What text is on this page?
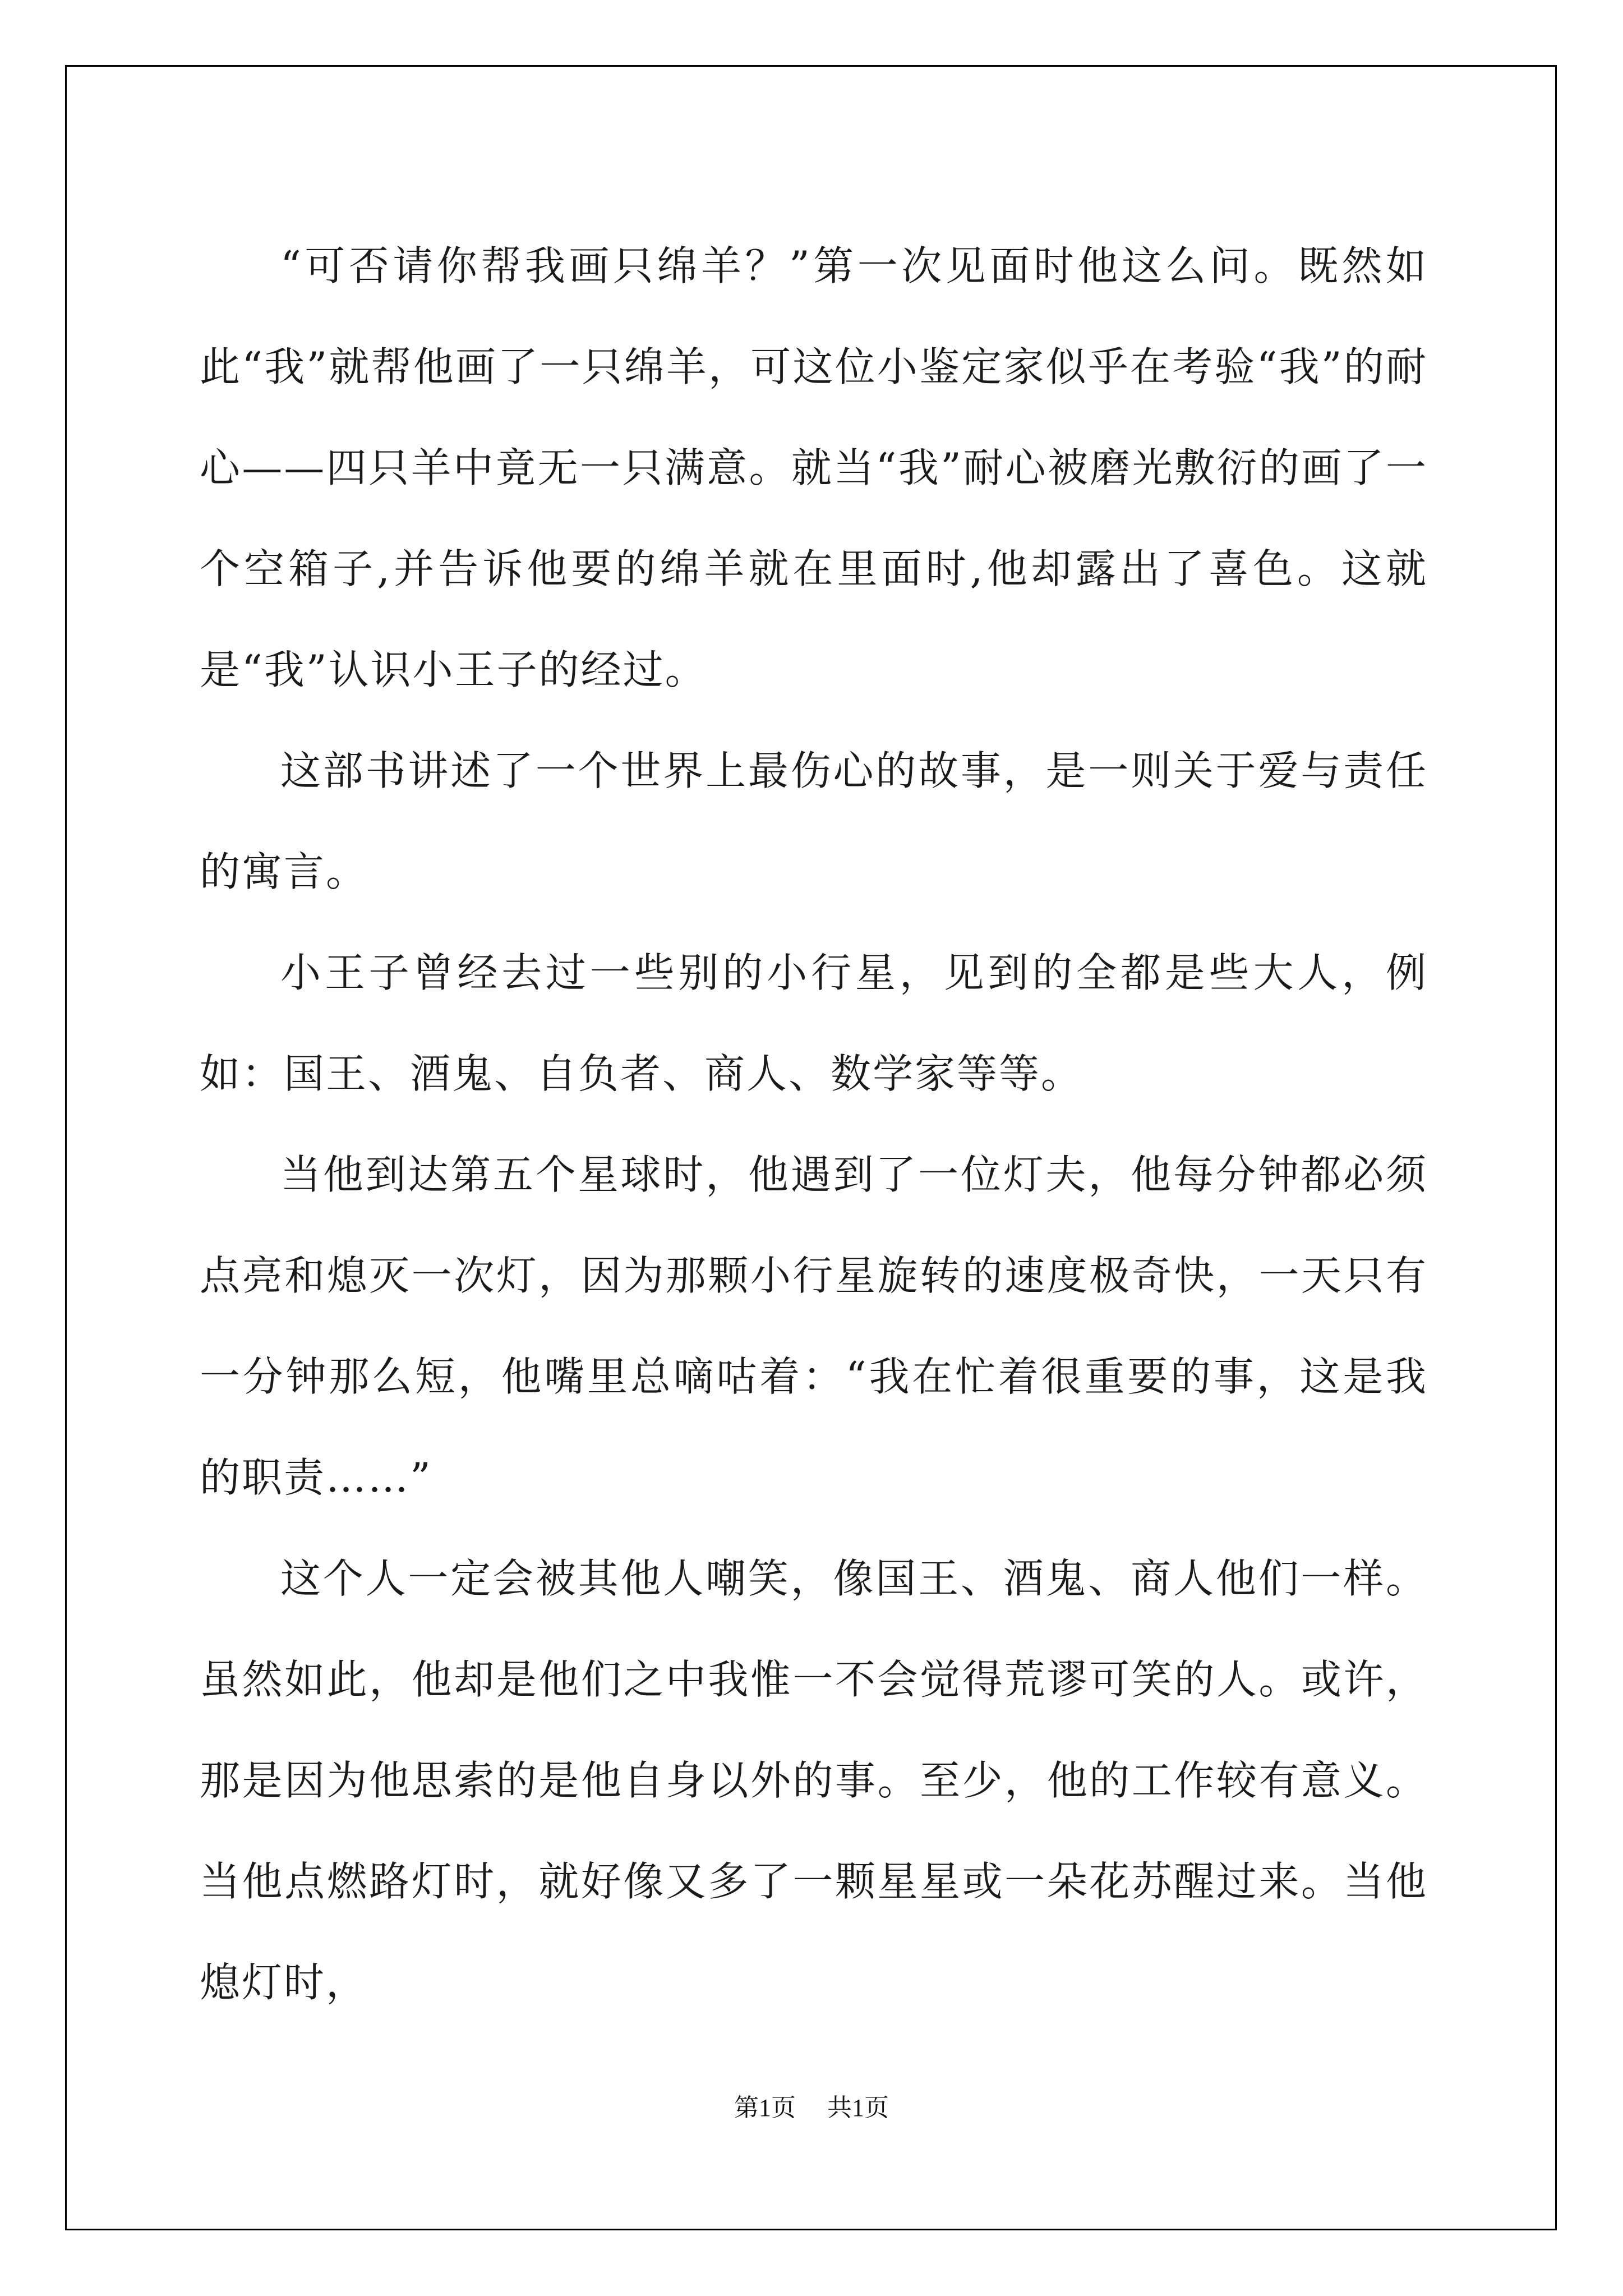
“可否请你帮我画只绵羊？”第一次见面时他这么问。既然如此“我”就帮他画了一只绵羊，可这位小鉴定家似乎在考验“我”的耐心——四只羊中竟无一只满意。就当“我”耐心被磨光敷衍的画了一个空箱子,并告诉他要的绵羊就在里面时,他却露出了喜色。这就是“我”认识小王子的经过。

这部书讲述了一个世界上最伤心的故事，是一则关于爱与责任的寓言。

小王子曾经去过一些别的小行星，见到的全都是些大人，例如：国王、酒鬼、自负者、商人、数学家等等。

当他到达第五个星球时，他遇到了一位灯夫，他每分钟都必须点亮和熄灭一次灯，因为那颗小行星旋转的速度极奇快，一天只有一分钟那么短，他嘴里总嘀咕着：“我在忙着很重要的事，这是我的职责……”

这个人一定会被其他人嘲笑，像国王、酒鬼、商人他们一样。虽然如此，他却是他们之中我惟一不会觉得荒谬可笑的人。或许，那是因为他思索的是他自身以外的事。至少，他的工作较有意义。当他点燃路灯时，就好像又多了一颗星星或一朵花苏醒过来。当他熄灯时，

第1页 共1页
